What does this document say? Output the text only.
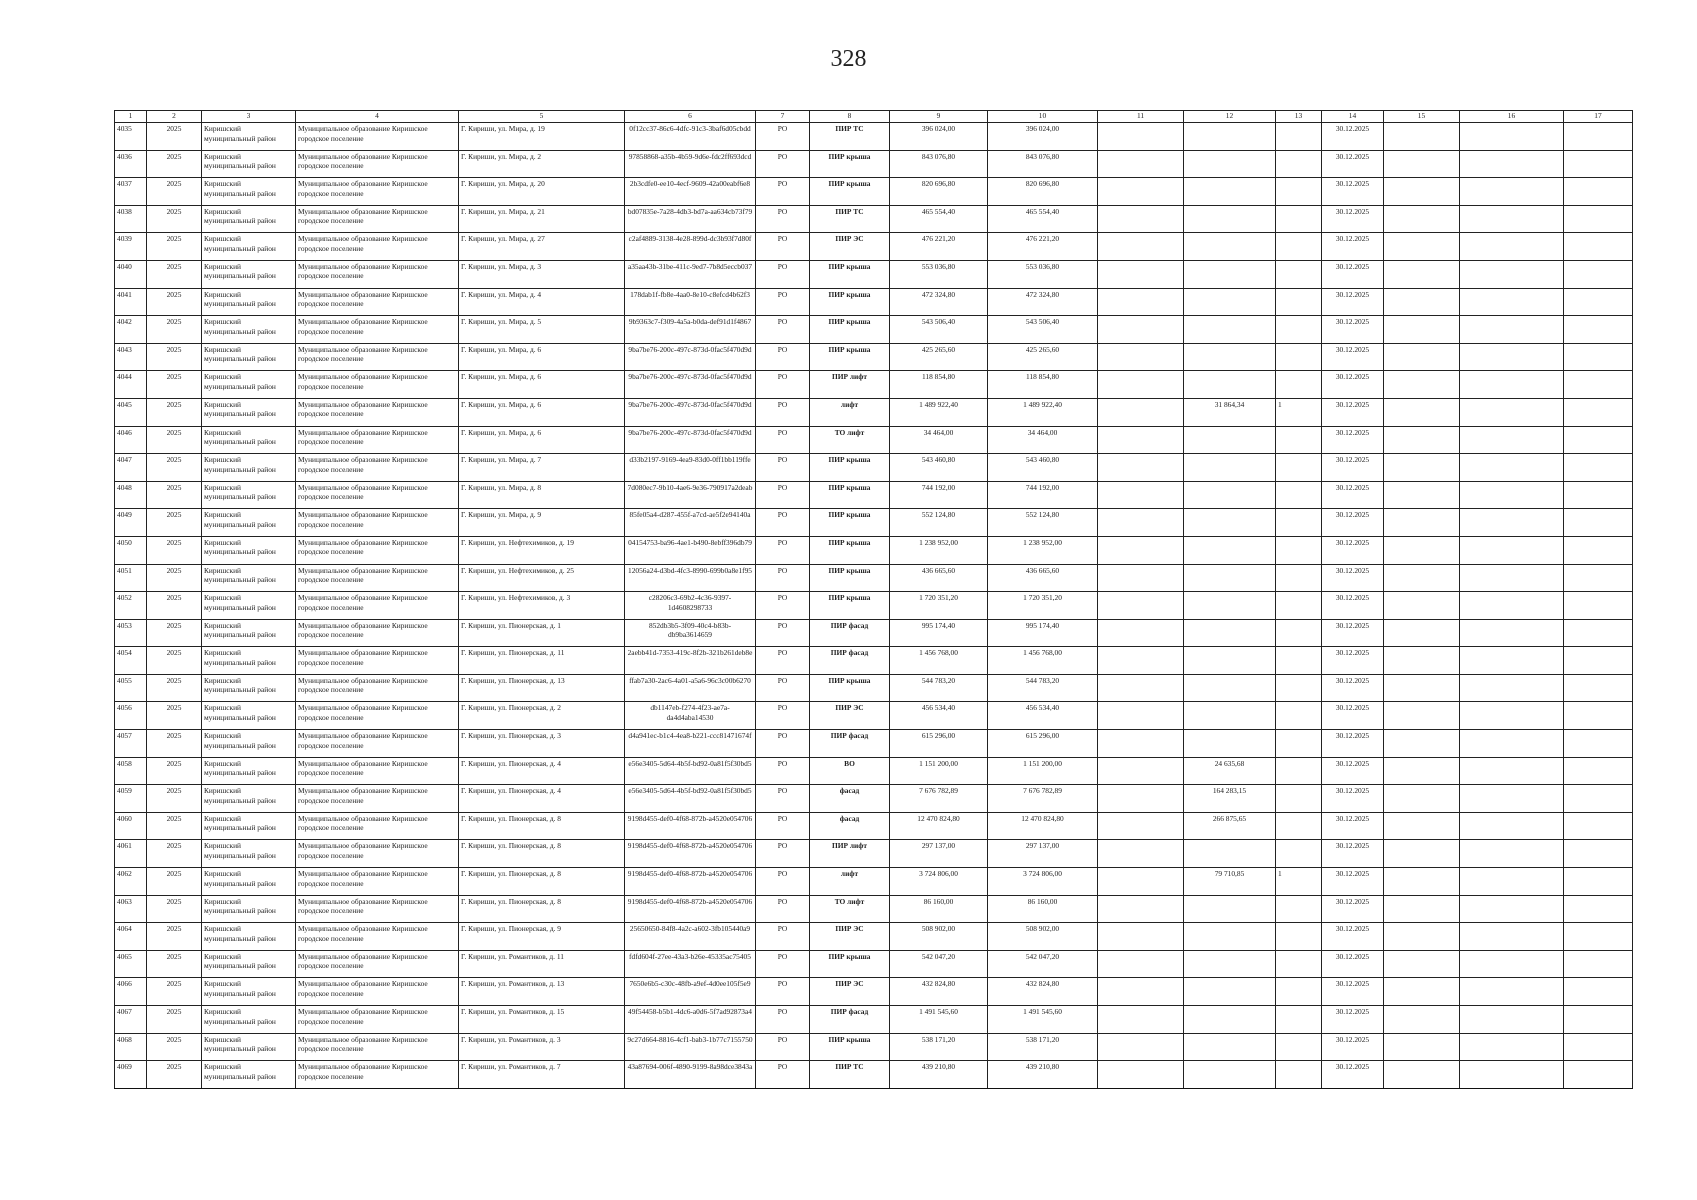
328
1	2	3	4	5	6	7	8	9	10	11	12	13	14	15	16	17
4035	2025	Киришский муниципальный район	Муниципальное образование Киришское городское поселение	Г. Кириши, ул. Мира, д. 19	0f12cc37-86c6-4dfc-91c3-3baf6d05cbdd	РО	ПИР ТС	396 024,00	396 024,00				30.12.2025			
4036	2025	Киришский муниципальный район	Муниципальное образование Киришское городское поселение	Г. Кириши, ул. Мира, д. 2	97858868-a35b-4b59-9d6e-fdc2ff693dcd	РО	ПИР крыша	843 076,80	843 076,80				30.12.2025			
4037	2025	Киришский муниципальный район	Муниципальное образование Киришское городское поселение	Г. Кириши, ул. Мира, д. 20	2b3cdfe0-ee10-4ecf-9609-42a00eabf6e8	РО	ПИР крыша	820 696,80	820 696,80				30.12.2025			
4038	2025	Киришский муниципальный район	Муниципальное образование Киришское городское поселение	Г. Кириши, ул. Мира, д. 21	bd07835e-7a28-4db3-bd7a-aa634cb73f79	РО	ПИР ТС	465 554,40	465 554,40				30.12.2025			
4039	2025	Киришский муниципальный район	Муниципальное образование Киришское городское поселение	Г. Кириши, ул. Мира, д. 27	c2af4889-3138-4e28-899d-dc3b93f7d80f	РО	ПИР ЭС	476 221,20	476 221,20				30.12.2025			
4040	2025	Киришский муниципальный район	Муниципальное образование Киришское городское поселение	Г. Кириши, ул. Мира, д. 3	a35aa43b-31be-411c-9ed7-7b8d5eccb037	РО	ПИР крыша	553 036,80	553 036,80				30.12.2025			
4041	2025	Киришский муниципальный район	Муниципальное образование Киришское городское поселение	Г. Кириши, ул. Мира, д. 4	178dab1f-fb8e-4aa0-8e10-c8efcd4b62f3	РО	ПИР крыша	472 324,80	472 324,80				30.12.2025			
4042	2025	Киришский муниципальный район	Муниципальное образование Киришское городское поселение	Г. Кириши, ул. Мира, д. 5	9b9363c7-f309-4a5a-b0da-def91d1f4867	РО	ПИР крыша	543 506,40	543 506,40				30.12.2025			
4043	2025	Киришский муниципальный район	Муниципальное образование Киришское городское поселение	Г. Кириши, ул. Мира, д. 6	9ba7be76-200c-497c-873d-0fac5f470d9d	РО	ПИР крыша	425 265,60	425 265,60				30.12.2025			
4044	2025	Киришский муниципальный район	Муниципальное образование Киришское городское поселение	Г. Кириши, ул. Мира, д. 6	9ba7be76-200c-497c-873d-0fac5f470d9d	РО	ПИР лифт	118 854,80	118 854,80				30.12.2025			
4045	2025	Киришский муниципальный район	Муниципальное образование Киришское городское поселение	Г. Кириши, ул. Мира, д. 6	9ba7be76-200c-497c-873d-0fac5f470d9d	РО	лифт	1 489 922,40	1 489 922,40		31 864,34	1	30.12.2025			
4046	2025	Киришский муниципальный район	Муниципальное образование Киришское городское поселение	Г. Кириши, ул. Мира, д. 6	9ba7be76-200c-497c-873d-0fac5f470d9d	РО	ТО лифт	34 464,00	34 464,00				30.12.2025			
4047	2025	Киришский муниципальный район	Муниципальное образование Киришское городское поселение	Г. Кириши, ул. Мира, д. 7	d33b2197-9169-4ea9-83d0-0ff1bb119ffe	РО	ПИР крыша	543 460,80	543 460,80				30.12.2025			
4048	2025	Киришский муниципальный район	Муниципальное образование Киришское городское поселение	Г. Кириши, ул. Мира, д. 8	7d080ec7-9b10-4ae6-9e36-790917a2deab	РО	ПИР крыша	744 192,00	744 192,00				30.12.2025			
4049	2025	Киришский муниципальный район	Муниципальное образование Киришское городское поселение	Г. Кириши, ул. Мира, д. 9	85fe05a4-d287-455f-a7cd-ae5f2e94140a	РО	ПИР крыша	552 124,80	552 124,80				30.12.2025			
4050	2025	Киришский муниципальный район	Муниципальное образование Киришское городское поселение	Г. Кириши, ул. Нефтехимиков, д. 19	04154753-ba96-4ae1-b490-8ebff396db79	РО	ПИР крыша	1 238 952,00	1 238 952,00				30.12.2025			
4051	2025	Киришский муниципальный район	Муниципальное образование Киришское городское поселение	Г. Кириши, ул. Нефтехимиков, д. 25	12056a24-d3bd-4fc3-8990-699b0a8e1f95	РО	ПИР крыша	436 665,60	436 665,60				30.12.2025			
4052	2025	Киришский муниципальный район	Муниципальное образование Киришское городское поселение	Г. Кириши, ул. Нефтехимиков, д. 3	c28206c3-69b2-4c36-9397-1d4608298733	РО	ПИР крыша	1 720 351,20	1 720 351,20				30.12.2025			
4053	2025	Киришский муниципальный район	Муниципальное образование Киришское городское поселение	Г. Кириши, ул. Пионерская, д. 1	852db3b5-3f09-40c4-b83b-db9ba3614659	РО	ПИР фасад	995 174,40	995 174,40				30.12.2025			
4054	2025	Киришский муниципальный район	Муниципальное образование Киришское городское поселение	Г. Кириши, ул. Пионерская, д. 11	2aebb41d-7353-419c-8f2b-321b261deb8e	РО	ПИР фасад	1 456 768,00	1 456 768,00				30.12.2025			
4055	2025	Киришский муниципальный район	Муниципальное образование Киришское городское поселение	Г. Кириши, ул. Пионерская, д. 13	ffab7a30-2ac6-4a01-a5a6-96c3c00b6270	РО	ПИР крыша	544 783,20	544 783,20				30.12.2025			
4056	2025	Киришский муниципальный район	Муниципальное образование Киришское городское поселение	Г. Кириши, ул. Пионерская, д. 2	db1147eb-f274-4f23-ae7a-da4d4aba14530	РО	ПИР ЭС	456 534,40	456 534,40				30.12.2025			
4057	2025	Киришский муниципальный район	Муниципальное образование Киришское городское поселение	Г. Кириши, ул. Пионерская, д. 3	d4a941ec-b1c4-4ea8-b221-ccc81471674f	РО	ПИР фасад	615 296,00	615 296,00				30.12.2025			
4058	2025	Киришский муниципальный район	Муниципальное образование Киришское городское поселение	Г. Кириши, ул. Пионерская, д. 4	e56e3405-5d64-4b5f-bd92-0a81f5f30bd5	РО	ВО	1 151 200,00	1 151 200,00		24 635,68		30.12.2025			
4059	2025	Киришский муниципальный район	Муниципальное образование Киришское городское поселение	Г. Кириши, ул. Пионерская, д. 4	e56e3405-5d64-4b5f-bd92-0a81f5f30bd5	РО	фасад	7 676 782,89	7 676 782,89		164 283,15		30.12.2025			
4060	2025	Киришский муниципальный район	Муниципальное образование Киришское городское поселение	Г. Кириши, ул. Пионерская, д. 8	9198d455-def0-4f68-872b-a4520e054706	РО	фасад	12 470 824,80	12 470 824,80		266 875,65		30.12.2025			
4061	2025	Киришский муниципальный район	Муниципальное образование Киришское городское поселение	Г. Кириши, ул. Пионерская, д. 8	9198d455-def0-4f68-872b-a4520e054706	РО	ПИР лифт	297 137,00	297 137,00				30.12.2025			
4062	2025	Киришский муниципальный район	Муниципальное образование Киришское городское поселение	Г. Кириши, ул. Пионерская, д. 8	9198d455-def0-4f68-872b-a4520e054706	РО	лифт	3 724 806,00	3 724 806,00		79 710,85	1	30.12.2025			
4063	2025	Киришский муниципальный район	Муниципальное образование Киришское городское поселение	Г. Кириши, ул. Пионерская, д. 8	9198d455-def0-4f68-872b-a4520e054706	РО	ТО лифт	86 160,00	86 160,00				30.12.2025			
4064	2025	Киришский муниципальный район	Муниципальное образование Киришское городское поселение	Г. Кириши, ул. Пионерская, д. 9	25650650-84f8-4a2c-a602-3fb105440a9	РО	ПИР ЭС	508 902,00	508 902,00				30.12.2025			
4065	2025	Киришский муниципальный район	Муниципальное образование Киришское городское поселение	Г. Кириши, ул. Романтиков, д. 11	fdfd604f-27ee-43a3-b26e-45335ac75405	РО	ПИР крыша	542 047,20	542 047,20				30.12.2025			
4066	2025	Киришский муниципальный район	Муниципальное образование Киришское городское поселение	Г. Кириши, ул. Романтиков, д. 13	7650e6b5-c30c-48fb-a9ef-4d0ee105f5e9	РО	ПИР ЭС	432 824,80	432 824,80				30.12.2025			
4067	2025	Киришский муниципальный район	Муниципальное образование Киришское городское поселение	Г. Кириши, ул. Романтиков, д. 15	49f54458-b5b1-4dc6-a0d6-5f7ad92873a4	РО	ПИР фасад	1 491 545,60	1 491 545,60				30.12.2025			
4068	2025	Киришский муниципальный район	Муниципальное образование Киришское городское поселение	Г. Кириши, ул. Романтиков, д. 3	9c27d664-8816-4cf1-bab3-1b77c7155750	РО	ПИР крыша	538 171,20	538 171,20				30.12.2025			
4069	2025	Киришский муниципальный район	Муниципальное образование Киришское городское поселение	Г. Кириши, ул. Романтиков, д. 7	43a87694-006f-4890-9199-8a98dce3843a	РО	ПИР ТС	439 210,80	439 210,80				30.12.2025			
